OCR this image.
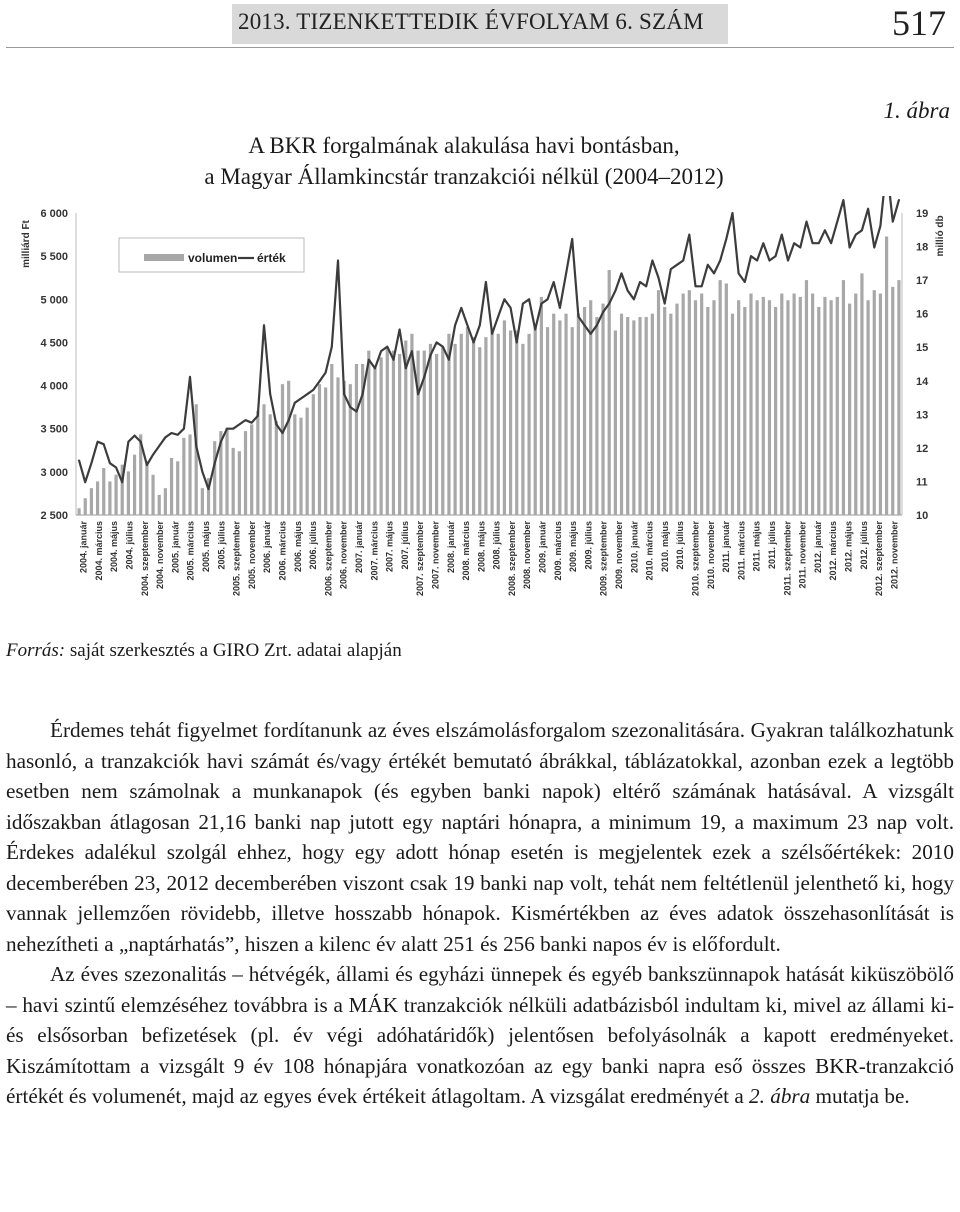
2013. TIZENKETTEDIK ÉVFOLYAM 6. SZÁM	517
1. ábra
A BKR forgalmának alakulása havi bontásban,
a Magyar Államkincstár tranzakciói nélkül (2004–2012)
6 000
5 500
5 000
4 500
4 000
3 500
3 000
2 500
19
18
17
16
15
14
13
12
11
10
milliárd Ft	millió db
volumen érték
2004. január 2004. március 2004. május 2004. július 2004. szeptember 2004. november 2005. január 2005. március 2005. május 2005. július 2005. szeptember 2005. november 2006. január 2006. március 2006. május 2006. július 2006. szeptember 2006. november 2007. január 2007. március 2007. május 2007. július 2007. szeptember 2007. november 2008. január 2008. március 2008. május 2008. július 2008. szeptember 2008. november 2009. január 2009. március 2009. május 2009. július 2009. szeptember 2009. november 2010. január 2010. március 2010. május 2010. július 2010. szeptember 2010. november 2011. január 2011. március 2011. május 2011. július 2011. szeptember 2011. november 2012. január 2012. március 2012. május 2012. július 2012. szeptember 2012. november
Forrás: saját szerkesztés a GIRO Zrt. adatai alapján

Érdemes tehát figyelmet fordítanunk az éves elszámolásforgalom szezonalitására. Gyakran találkozhatunk hasonló, a tranzakciók havi számát és/vagy értékét bemutató ábrákkal, táblázatokkal, azonban ezek a legtöbb esetben nem számolnak a munkanapok (és egyben banki napok) eltérő számának hatásával. A vizsgált időszakban átlagosan 21,16 banki nap jutott egy naptári hónapra, a minimum 19, a maximum 23 nap volt. Érdekes adalékul szolgál ehhez, hogy egy adott hónap esetén is megjelentek ezek a szélsőértékek: 2010 decemberében 23, 2012 decemberében viszont csak 19 banki nap volt, tehát nem feltétlenül jelenthető ki, hogy vannak jellemzően rövidebb, illetve hosszabb hónapok. Kismértékben az éves adatok összehasonlítását is nehezítheti a „naptárhatás”, hiszen a kilenc év alatt 251 és 256 banki napos év is előfordult.

Az éves szezonalitás – hétvégék, állami és egyházi ünnepek és egyéb bankszünnapok hatását kiküszöbölő – havi szintű elemzéséhez továbbra is a MÁK tranzakciók nélküli adatbázisból indultam ki, mivel az állami ki- és elsősorban befizetések (pl. év végi adóhatáridők) jelentősen befolyásolnák a kapott eredményeket. Kiszámítottam a vizsgált 9 év 108 hónapjára vonatkozóan az egy banki napra eső összes BKR-tranzakció értékét és volumenét, majd az egyes évek értékeit átlagoltam. A vizsgálat eredményét a 2. ábra mutatja be.
